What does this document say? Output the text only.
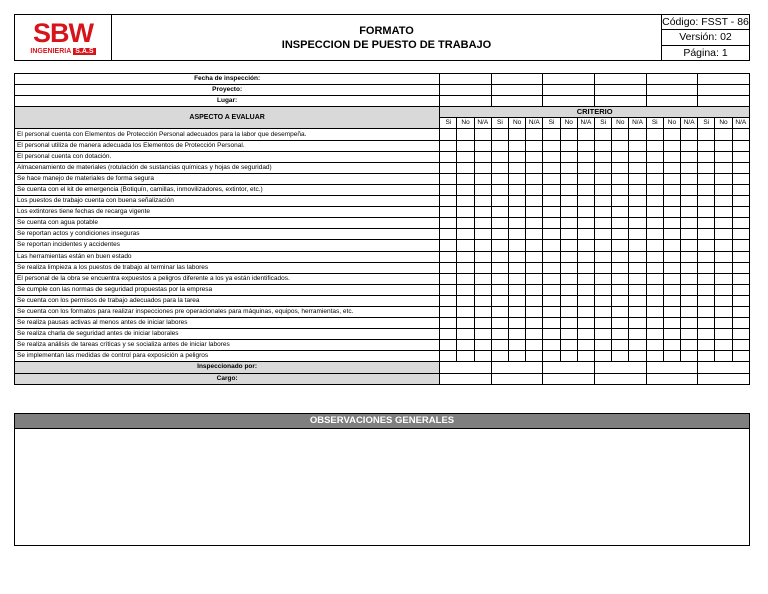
SBW
INGENIERIA S.A.S
FORMATO
INSPECCION DE PUESTO DE TRABAJO
Código: FSST - 86
Versión: 02
Página: 1
Fecha de inspección:																		
Proyecto:																		
Lugar:																		
ASPECTO A EVALUAR	CRITERIO																	
	Si	No	N/A	Si	No	N/A	Si	No	N/A	Si	No	N/A	Si	No	N/A	Si	No	N/A
El personal cuenta con Elementos de Protección Personal adecuados para la labor que desempeña.																		
El personal utiliza de manera adecuada los Elementos de Protección Personal.																		
El personal cuenta con dotación.																		
Almacenamiento de materiales (rotulación de sustancias químicas y hojas de seguridad)																		
Se hace manejo de materiales de forma segura																		
Se cuenta con el kit de emergencia (Botiquín, camillas, inmovilizadores, extintor, etc.)																		
Los puestos de trabajo cuenta con buena señalización																		
Los extintores tiene fechas de recarga vigente																		
Se cuenta con agua potable																		
Se reportan actos y condiciones inseguras																		
Se reportan incidentes y accidentes																		
Las herramientas están en buen estado																		
Se realiza limpieza a los puestos de trabajo al terminar las labores																		
El personal de la obra se encuentra expuestos a peligros diferente a los ya están identificados.																		
Se cumple con las normas de seguridad propuestas por la empresa																		
Se cuenta con los permisos de trabajo adecuados para la tarea																		
Se cuenta con los formatos para realizar inspecciones pre operacionales para máquinas, equipos, herramientas, etc.																		
Se realiza pausas activas al menos antes de iniciar labores																		
Se realiza charla de seguridad antes de iniciar laborales																		
Se realiza análisis de tareas críticas y se socializa antes de iniciar labores																		
Se implementan las medidas de control para exposición a peligros																		
Inspeccionado por:																		
Cargo:																		
OBSERVACIONES GENERALES
